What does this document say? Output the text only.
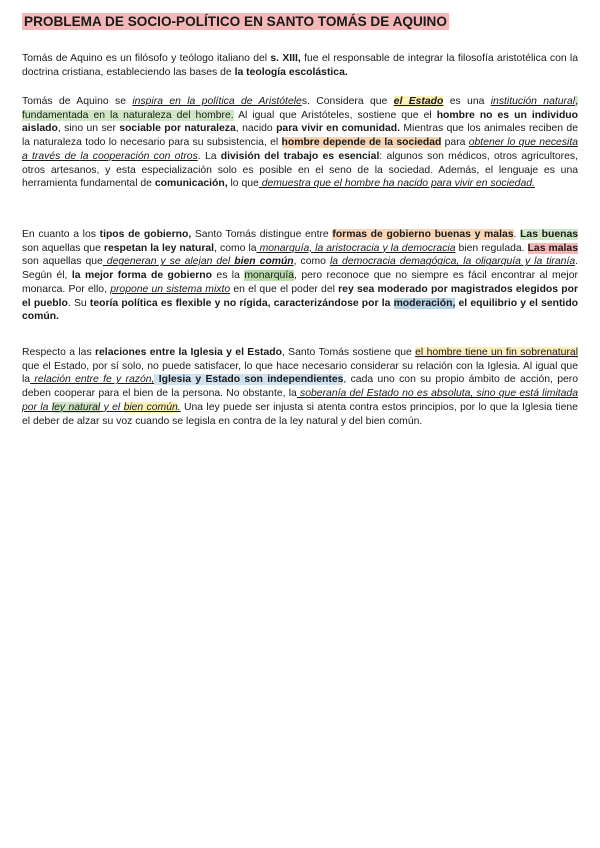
PROBLEMA DE SOCIO-POLÍTICO EN SANTO TOMÁS DE AQUINO
Tomás de Aquino es un filósofo y teólogo italiano del s. XIII, fue el responsable de integrar la filosofía aristotélica con la doctrina cristiana, estableciendo las bases de la teología escolástica.
Tomás de Aquino se inspira en la política de Aristóteles. Considera que el Estado es una institución natural, fundamentada en la naturaleza del hombre. Al igual que Aristóteles, sostiene que el hombre no es un individuo aislado, sino un ser sociable por naturaleza, nacido para vivir en comunidad. Mientras que los animales reciben de la naturaleza todo lo necesario para su subsistencia, el hombre depende de la sociedad para obtener lo que necesita a través de la cooperación con otros. La división del trabajo es esencial: algunos son médicos, otros agricultores, otros artesanos, y esta especialización solo es posible en el seno de la sociedad. Además, el lenguaje es una herramienta fundamental de comunicación, lo que demuestra que el hombre ha nacido para vivir en sociedad.
En cuanto a los tipos de gobierno, Santo Tomás distingue entre formas de gobierno buenas y malas. Las buenas son aquellas que respetan la ley natural, como la monarquía, la aristocracia y la democracia bien regulada. Las malas son aquellas que degeneran y se alejan del bien común, como la democracia demagógica, la oligarquía y la tiranía. Según él, la mejor forma de gobierno es la monarquía, pero reconoce que no siempre es fácil encontrar al mejor monarca. Por ello, propone un sistema mixto en el que el poder del rey sea moderado por magistrados elegidos por el pueblo. Su teoría política es flexible y no rígida, caracterizándose por la moderación, el equilibrio y el sentido común.
Respecto a las relaciones entre la Iglesia y el Estado, Santo Tomás sostiene que el hombre tiene un fin sobrenatural que el Estado, por sí solo, no puede satisfacer, lo que hace necesario considerar su relación con la Iglesia. Al igual que la relación entre fe y razón, Iglesia y Estado son independientes, cada uno con su propio ámbito de acción, pero deben cooperar para el bien de la persona. No obstante, la soberanía del Estado no es absoluta, sino que está limitada por la ley natural y el bien común. Una ley puede ser injusta si atenta contra estos principios, por lo que la Iglesia tiene el deber de alzar su voz cuando se legisla en contra de la ley natural y del bien común.
